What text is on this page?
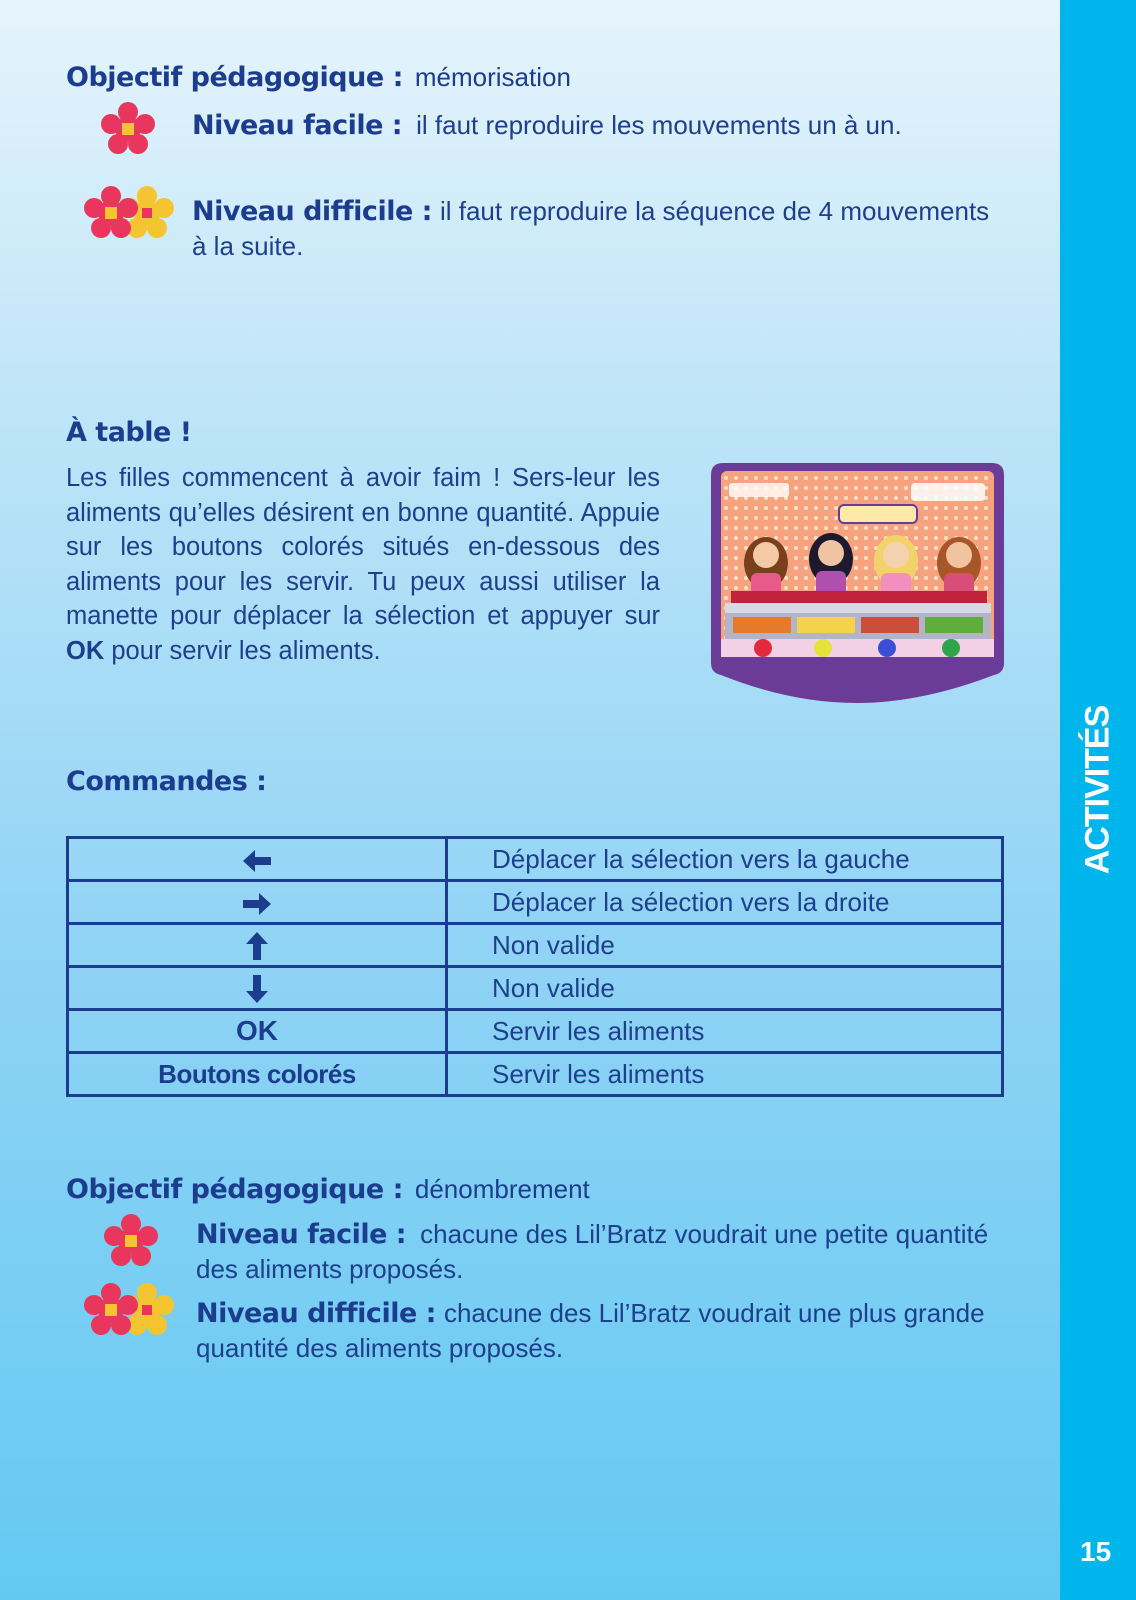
ACTIVITÉS
15
Objectif pédagogique : mémorisation
Niveau facile : il faut reproduire les mouvements un à un.
Niveau difficile : il faut reproduire la séquence de 4 mouvements
à la suite.
À table !
Les filles commencent à avoir faim ! Sers-leur les aliments qu’elles désirent en bonne quantité. Appuie sur les boutons colorés situés en-dessous des aliments pour les servir. Tu peux aussi utiliser la manette pour déplacer la sélection et appuyer sur OK pour servir les aliments.
Commandes :
	Déplacer la sélection vers la gauche
	Déplacer la sélection vers la droite
	Non valide
	Non valide
OK	Servir les aliments
Boutons colorés	Servir les aliments
Objectif pédagogique : dénombrement
Niveau facile : chacune des Lil’Bratz voudrait une petite quantité
des aliments proposés.
Niveau difficile : chacune des Lil’Bratz voudrait une plus grande
quantité des aliments proposés.
